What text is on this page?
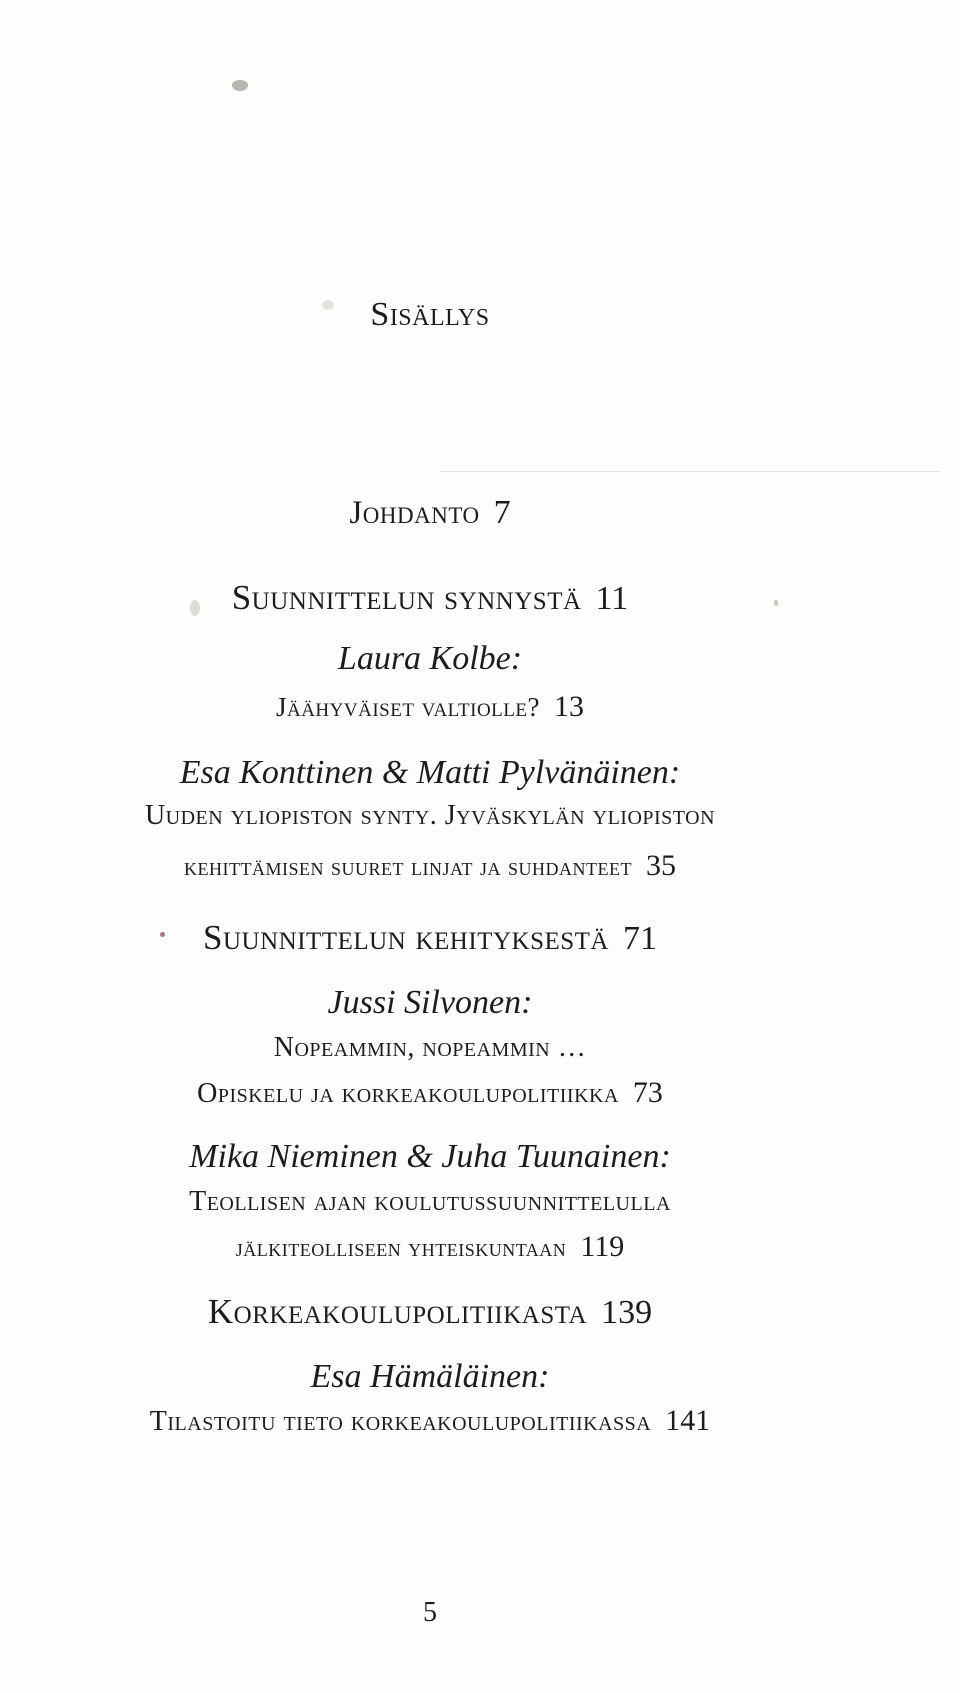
Sisällys
Johdanto 7
Suunnittelun synnystä 11
Laura Kolbe:
Jäähyväiset valtiolle? 13
Esa Konttinen & Matti Pylvänäinen:
Uuden yliopiston synty. Jyväskylän yliopiston
kehittämisen suuret linjat ja suhdanteet 35
Suunnittelun kehityksestä 71
Jussi Silvonen:
Nopeammin, nopeammin …
Opiskelu ja korkeakoulupolitiikka 73
Mika Nieminen & Juha Tuunainen:
Teollisen ajan koulutussuunnittelulla
jälkiteolliseen yhteiskuntaan 119
Korkeakoulupolitiikasta 139
Esa Hämäläinen:
Tilastoitu tieto korkeakoulupolitiikassa 141
5
